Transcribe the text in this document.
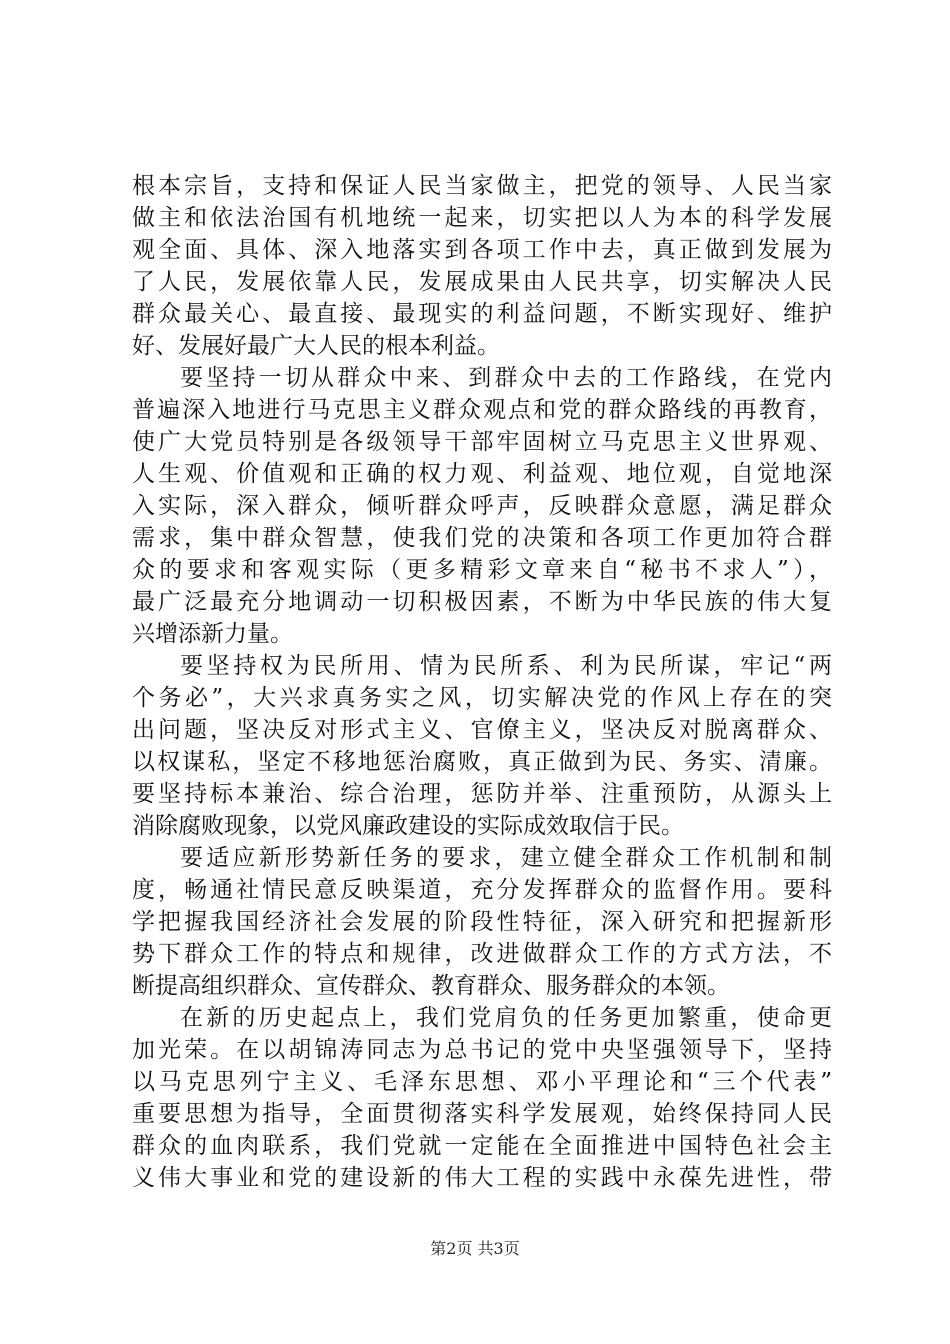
根本宗旨，支持和保证人民当家做主，把党的领导、人民当家
做主和依法治国有机地统一起来，切实把以人为本的科学发展
观全面、具体、深入地落实到各项工作中去，真正做到发展为
了人民，发展依靠人民，发展成果由人民共享，切实解决人民
群众最关心、最直接、最现实的利益问题，不断实现好、维护
好、发展好最广大人民的根本利益。
要坚持一切从群众中来、到群众中去的工作路线，在党内
普遍深入地进行马克思主义群众观点和党的群众路线的再教育，
使广大党员特别是各级领导干部牢固树立马克思主义世界观、
人生观、价值观和正确的权力观、利益观、地位观，自觉地深
入实际，深入群众，倾听群众呼声，反映群众意愿，满足群众
需求，集中群众智慧，使我们党的决策和各项工作更加符合群
众的要求和客观实际（更多精彩文章来自“秘书不求人”），
最广泛最充分地调动一切积极因素，不断为中华民族的伟大复
兴增添新力量。
要坚持权为民所用、情为民所系、利为民所谋，牢记“两
个务必”，大兴求真务实之风，切实解决党的作风上存在的突
出问题，坚决反对形式主义、官僚主义，坚决反对脱离群众、
以权谋私，坚定不移地惩治腐败，真正做到为民、务实、清廉。
要坚持标本兼治、综合治理，惩防并举、注重预防，从源头上
消除腐败现象，以党风廉政建设的实际成效取信于民。
要适应新形势新任务的要求，建立健全群众工作机制和制
度，畅通社情民意反映渠道，充分发挥群众的监督作用。要科
学把握我国经济社会发展的阶段性特征，深入研究和把握新形
势下群众工作的特点和规律，改进做群众工作的方式方法，不
断提高组织群众、宣传群众、教育群众、服务群众的本领。
在新的历史起点上，我们党肩负的任务更加繁重，使命更
加光荣。在以胡锦涛同志为总书记的党中央坚强领导下，坚持
以马克思列宁主义、毛泽东思想、邓小平理论和“三个代表”
重要思想为指导，全面贯彻落实科学发展观，始终保持同人民
群众的血肉联系，我们党就一定能在全面推进中国特色社会主
义伟大事业和党的建设新的伟大工程的实践中永葆先进性，带
第2页 共3页
